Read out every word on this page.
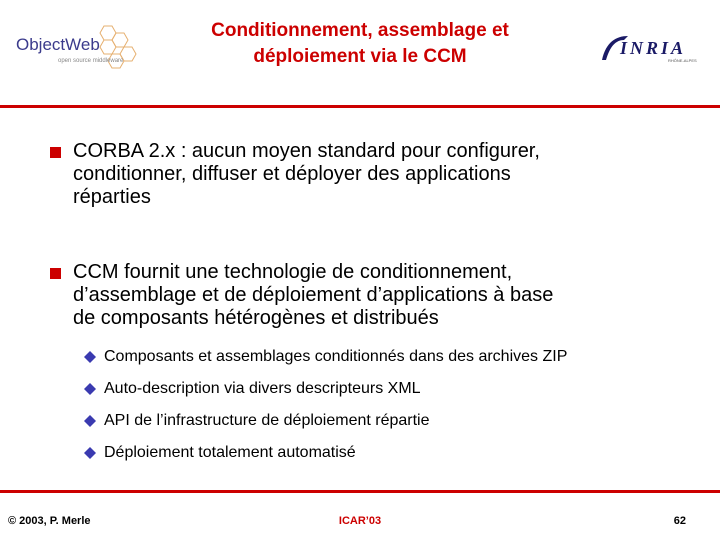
ObjectWeb
open source middleware
Conditionnement, assemblage et
déploiement via le CCM	INRIA
RHÔNE-ALPES
CORBA 2.x : aucun moyen standard pour configurer,
conditionner, diffuser et déployer des applications
réparties
CCM fournit une technologie de conditionnement,
d’assemblage et de déploiement d’applications à base
de composants hétérogènes et distribués
Composants et assemblages conditionnés dans des archives ZIP
Auto-description via divers descripteurs XML
API de l’infrastructure de déploiement répartie
Déploiement totalement automatisé
© 2003, P. Merle	ICAR’03	62
